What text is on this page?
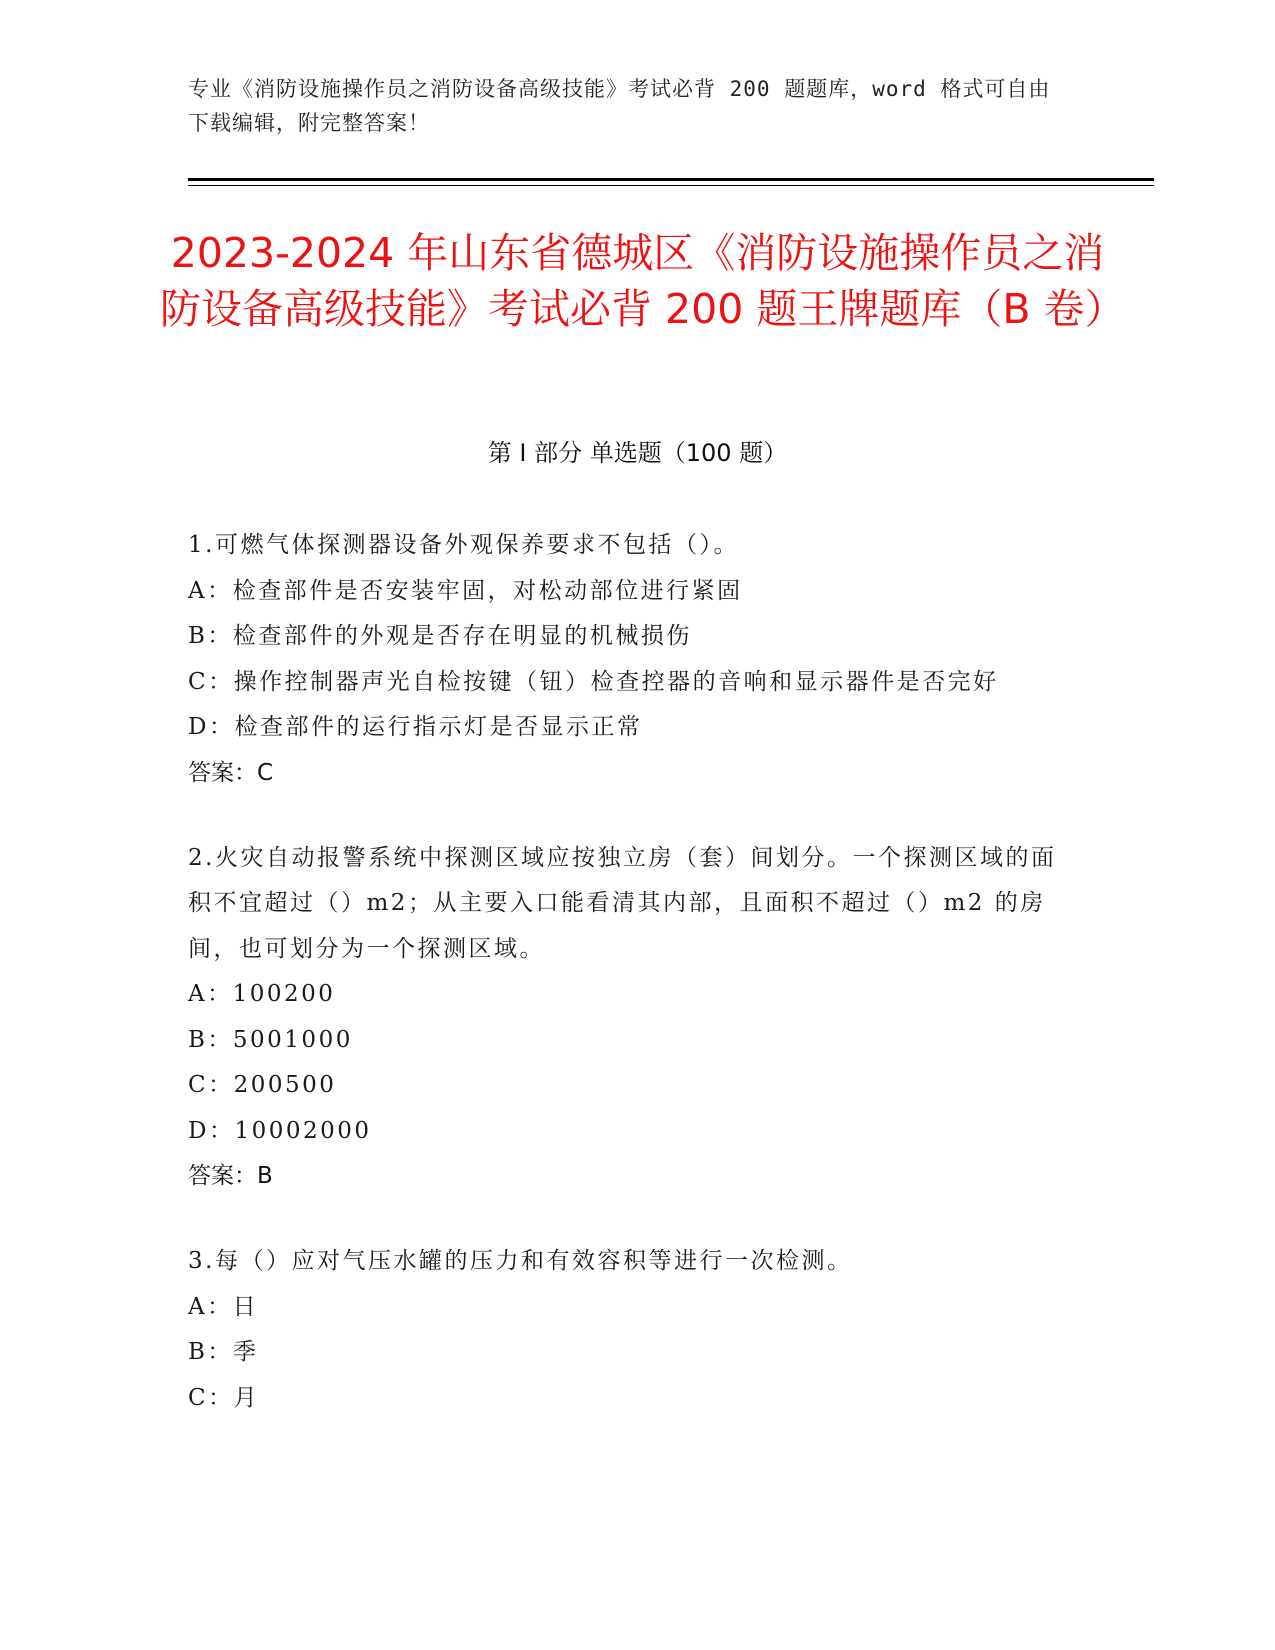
专业《消防设施操作员之消防设备高级技能》考试必背 200 题题库，word 格式可自由下载编辑，附完整答案！
2023-2024 年山东省德城区《消防设施操作员之消防设备高级技能》考试必背 200 题王牌题库（B 卷）
第 I 部分 单选题（100 题）
1.可燃气体探测器设备外观保养要求不包括（）。
A：检查部件是否安装牢固，对松动部位进行紧固
B：检查部件的外观是否存在明显的机械损伤
C：操作控制器声光自检按键（钮）检查控器的音响和显示器件是否完好
D：检查部件的运行指示灯是否显示正常
答案：C
2.火灾自动报警系统中探测区域应按独立房（套）间划分。一个探测区域的面积不宜超过（）m2；从主要入口能看清其内部，且面积不超过（）m2 的房间，也可划分为一个探测区域。
A：100200
B：5001000
C：200500
D：10002000
答案：B
3.每（）应对气压水罐的压力和有效容积等进行一次检测。
A：日
B：季
C：月
